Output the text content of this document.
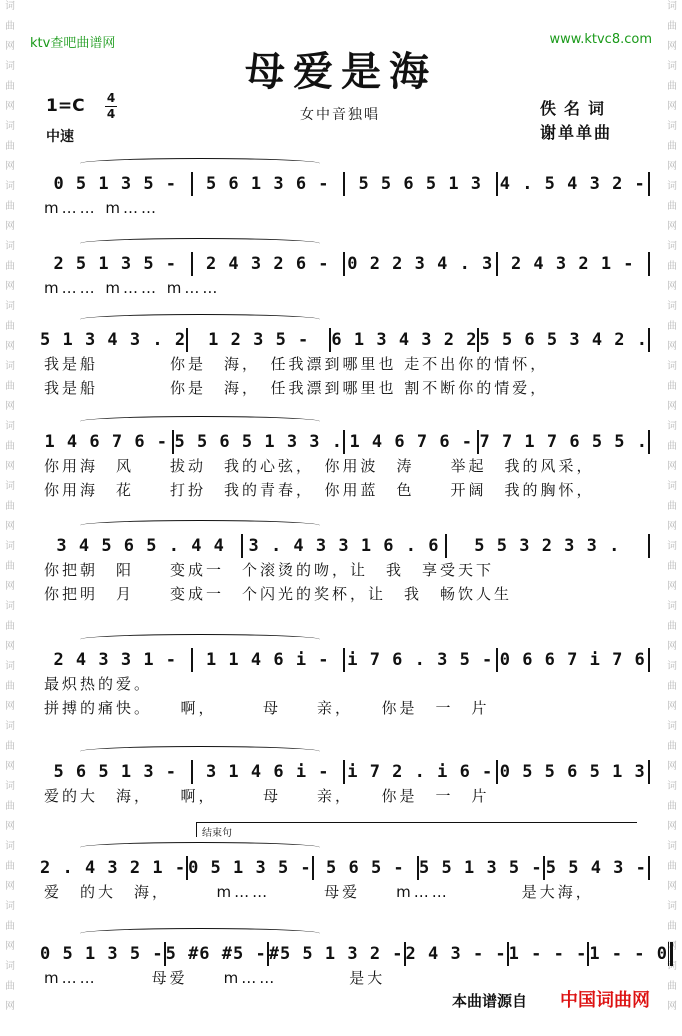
词
曲
网
词
曲
网
词
曲
网
词
曲
网
词
曲
网
词
曲
网
词
曲
网
词
曲
网
词
曲
网
词
曲
网
词
曲
网
词
曲
网
词
曲
网
词
曲
网
词
曲
网
词
曲
网
词
曲
网
词
曲
网
词
曲
网
词
曲
网
词
曲
网
词
曲
网
词
曲
网
词
曲
网
词
曲
网
词
曲
网
词
曲
网
词
曲
网
词
曲
网
词
曲
网
词
曲
网
词
曲
网
词
曲
网
词
曲
网
ktv查吧曲谱网	www.ktvc8.com
母爱是海
1=C 4
4
中速
女中音独唱	佚名词
谢单单曲
0 5 1 3 5 -	5 6 1 3 6 -	5 5 6 5 1 3	4 . 5 4 3 2 -
m…… m……
2 5 1 3 5 -	2 4 3 2 6 -	0 2 2 3 4 . 3	2 4 3 2 1 -
m…… m…… m……
5 1 3 4 3 . 2	1 2 3 5 -	6 1 3 4 3 2 2 5 5 6 5 3 4 2 .
我是船　　　　你是　海，　任我漂到哪里也 走不出你的情怀，
我是船　　　　你是　海，　任我漂到哪里也 割不断你的情爱，
1 4 6 7 6 - 5 5 6 5 1 3 3 . 1 4 6 7 6 - 7 7 1 7 6 5 5 .
你用海　风　　拔动　我的心弦，　你用波　涛　　举起　我的风采，
你用海　花　　打扮　我的青春，　你用蓝　色　　开阔　我的胸怀，
3 4 5 6 5 . 4 4	3 . 4 3 3 1 6 . 6	5 5 3 2 3 3 .
你把朝　阳　　变成一　个滚烫的吻，让　我　享受天下
你把明　月　　变成一　个闪光的奖杯，让　我　畅饮人生
2 4 3 3 1 -	1 1 4 6 i -	i 7 6 . 3 5 - 0 6 6 7 i 7 6
最炽热的爱。
拼搏的痛快。　　啊，　　　母　　亲，　　你是　一　片
5 6 5 1 3 -	3 1 4 6 i -	i 7 2 . i 6 - 0 5 5 6 5 1 3
爱的大　海，　　啊，　　　母　　亲，　　你是　一　片
2 . 4 3 2 1 - 0 5 1 3 5 - 5 6 5 - 5 5 1 3 5 - 5 5 4 3 -
爱　的大　海，　　　m……　　　母爱　　m……　　　　是大海，
0 5 1 3 5 - 5 #6 #5 - #5 5 1 3 2 - 2 4 3 - - 1 - - - 1 - - 0
m……　　　母爱　　m……　　　　是大
结束句
本曲谱源自 中国词曲网
